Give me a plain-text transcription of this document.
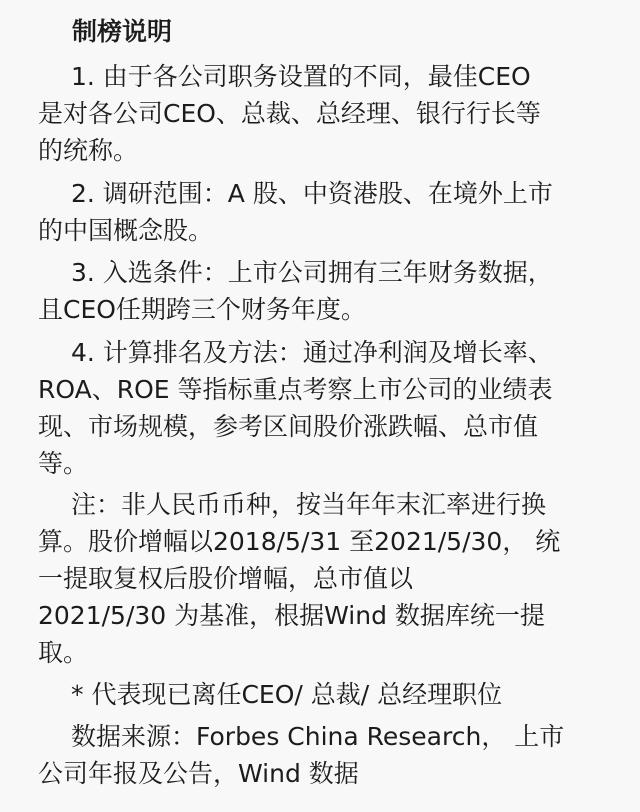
制榜说明
1. 由于各公司职务设置的不同，最佳CEO
是对各公司CEO、总裁、总经理、银行行长等
的统称。
2. 调研范围：A 股、中资港股、在境外上市
的中国概念股。
3. 入选条件：上市公司拥有三年财务数据，
且CEO任期跨三个财务年度。
4. 计算排名及方法：通过净利润及增长率、
ROA、ROE 等指标重点考察上市公司的业绩表
现、市场规模，参考区间股价涨跌幅、总市值
等。
注：非人民币币种，按当年年末汇率进行换
算。股价增幅以2018/5/31 至2021/5/30， 统
一提取复权后股价增幅，总市值以
2021/5/30 为基准，根据Wind 数据库统一提
取。
* 代表现已离任CEO/ 总裁/ 总经理职位
数据来源：Forbes China Research， 上市
公司年报及公告，Wind 数据
